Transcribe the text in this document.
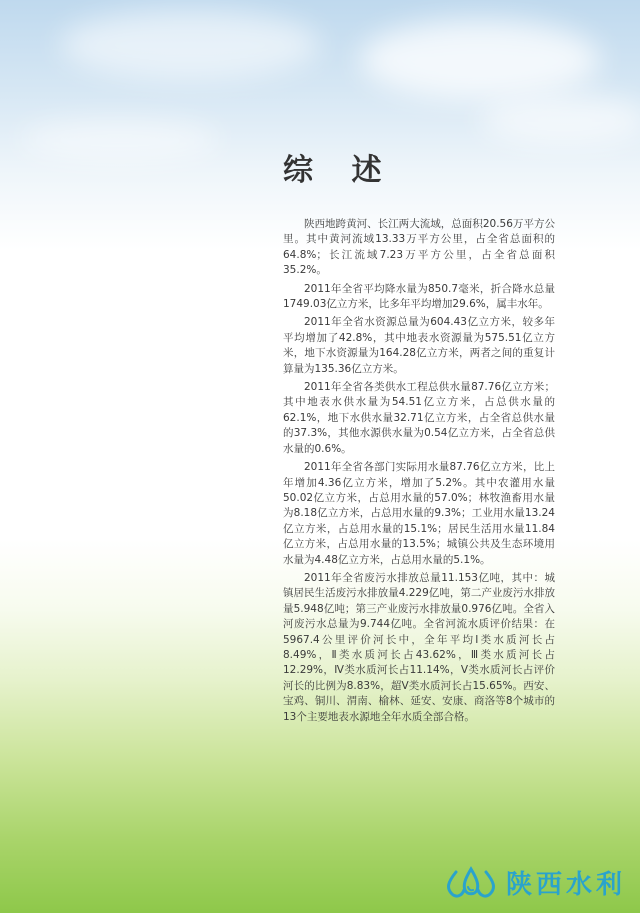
综 述

陕西地跨黄河、长江两大流域，总面积20.56万平方公里。其中黄河流域13.33万平方公里，占全省总面积的64.8%；长江流域7.23万平方公里，占全省总面积35.2%。

2011年全省平均降水量为850.7毫米，折合降水总量1749.03亿立方米，比多年平均增加29.6%，属丰水年。

2011年全省水资源总量为604.43亿立方米，较多年平均增加了42.8%，其中地表水资源量为575.51亿立方米，地下水资源量为164.28亿立方米，两者之间的重复计算量为135.36亿立方米。

2011年全省各类供水工程总供水量87.76亿立方米；其中地表水供水量为54.51亿立方米，占总供水量的62.1%，地下水供水量32.71亿立方米，占全省总供水量的37.3%，其他水源供水量为0.54亿立方米，占全省总供水量的0.6%。

2011年全省各部门实际用水量87.76亿立方米，比上年增加4.36亿立方米，增加了5.2%。其中农灌用水量50.02亿立方米，占总用水量的57.0%；林牧渔畜用水量为8.18亿立方米，占总用水量的9.3%；工业用水量13.24亿立方米，占总用水量的15.1%；居民生活用水量11.84亿立方米，占总用水量的13.5%；城镇公共及生态环境用水量为4.48亿立方米，占总用水量的5.1%。

2011年全省废污水排放总量11.153亿吨，其中：城镇居民生活废污水排放量4.229亿吨，第二产业废污水排放量5.948亿吨；第三产业废污水排放量0.976亿吨。全省入河废污水总量为9.744亿吨。全省河流水质评价结果：在5967.4公里评价河长中，全年平均Ⅰ类水质河长占8.49%，Ⅱ类水质河长占43.62%，Ⅲ类水质河长占12.29%，Ⅳ类水质河长占11.14%，Ⅴ类水质河长占评价河长的比例为8.83%，超Ⅴ类水质河长占15.65%。西安、宝鸡、铜川、渭南、榆林、延安、安康、商洛等8个城市的13个主要地表水源地全年水质全部合格。

陕西水利
